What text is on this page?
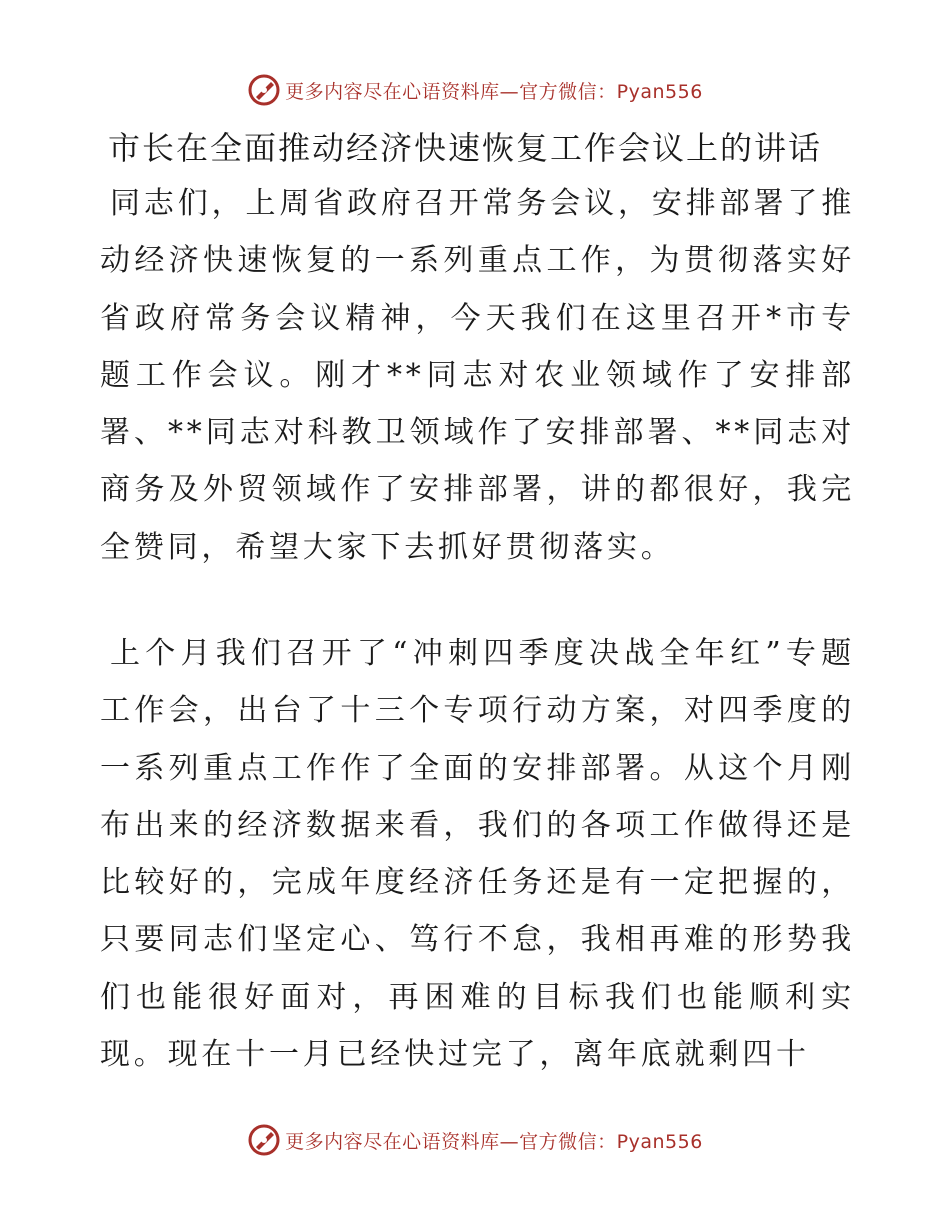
更多内容尽在心语资料库—官方微信：Pyan556
市长在全面推动经济快速恢复工作会议上的讲话

同志们，上周省政府召开常务会议，安排部署了推动经济快速恢复的一系列重点工作，为贯彻落实好省政府常务会议精神，今天我们在这里召开*市专题工作会议。刚才**同志对农业领域作了安排部署、**同志对科教卫领域作了安排部署、**同志对商务及外贸领域作了安排部署，讲的都很好，我完全赞同，希望大家下去抓好贯彻落实。

上个月我们召开了“冲刺四季度决战全年红”专题工作会，出台了十三个专项行动方案，对四季度的一系列重点工作作了全面的安排部署。从这个月刚布出来的经济数据来看，我们的各项工作做得还是比较好的，完成年度经济任务还是有一定把握的，只要同志们坚定心、笃行不怠，我相再难的形势我们也能很好面对，再困难的目标我们也能顺利实现。现在十一月已经快过完了，离年底就剩四十

更多内容尽在心语资料库—官方微信：Pyan556
